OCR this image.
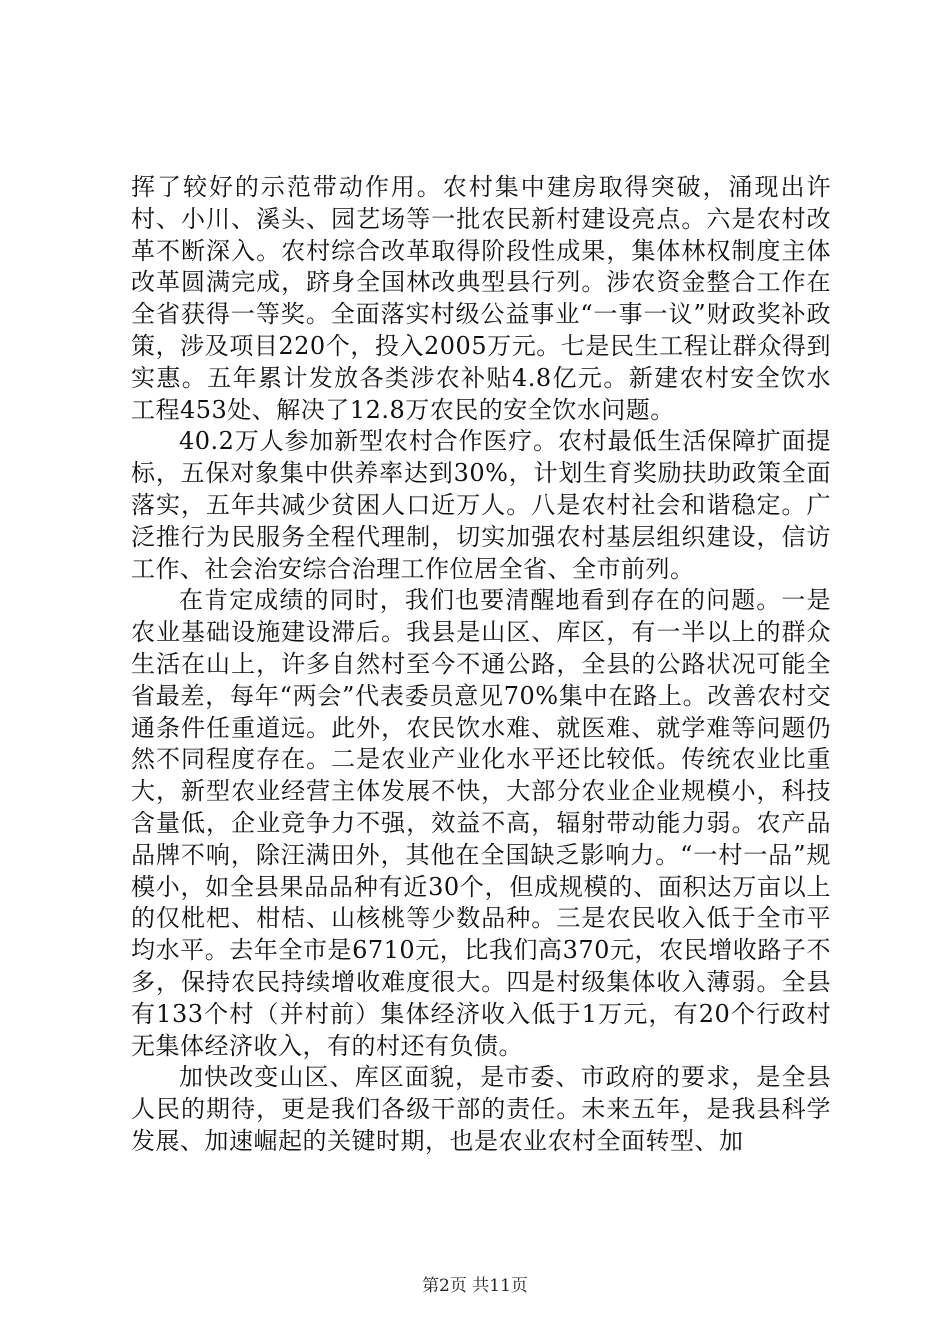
挥了较好的示范带动作用。农村集中建房取得突破，涌现出许村、小川、溪头、园艺场等一批农民新村建设亮点。六是农村改革不断深入。农村综合改革取得阶段性成果，集体林权制度主体改革圆满完成，跻身全国林改典型县行列。涉农资金整合工作在全省获得一等奖。全面落实村级公益事业“一事一议”财政奖补政策，涉及项目220个，投入2005万元。七是民生工程让群众得到实惠。五年累计发放各类涉农补贴4.8亿元。新建农村安全饮水工程453处、解决了12.8万农民的安全饮水问题。

40.2万人参加新型农村合作医疗。农村最低生活保障扩面提标，五保对象集中供养率达到30%，计划生育奖励扶助政策全面落实，五年共减少贫困人口近万人。八是农村社会和谐稳定。广泛推行为民服务全程代理制，切实加强农村基层组织建设，信访工作、社会治安综合治理工作位居全省、全市前列。

在肯定成绩的同时，我们也要清醒地看到存在的问题。一是农业基础设施建设滞后。我县是山区、库区，有一半以上的群众生活在山上，许多自然村至今不通公路，全县的公路状况可能全省最差，每年“两会”代表委员意见70%集中在路上。改善农村交通条件任重道远。此外，农民饮水难、就医难、就学难等问题仍然不同程度存在。二是农业产业化水平还比较低。传统农业比重大，新型农业经营主体发展不快，大部分农业企业规模小，科技含量低，企业竞争力不强，效益不高，辐射带动能力弱。农产品品牌不响，除汪满田外，其他在全国缺乏影响力。“一村一品”规模小，如全县果品品种有近30个，但成规模的、面积达万亩以上的仅枇杷、柑桔、山核桃等少数品种。三是农民收入低于全市平均水平。去年全市是6710元，比我们高370元，农民增收路子不多，保持农民持续增收难度很大。四是村级集体收入薄弱。全县有133个村（并村前）集体经济收入低于1万元，有20个行政村无集体经济收入，有的村还有负债。

加快改变山区、库区面貌，是市委、市政府的要求，是全县人民的期待，更是我们各级干部的责任。未来五年，是我县科学发展、加速崛起的关键时期，也是农业农村全面转型、加

第2页 共11页
